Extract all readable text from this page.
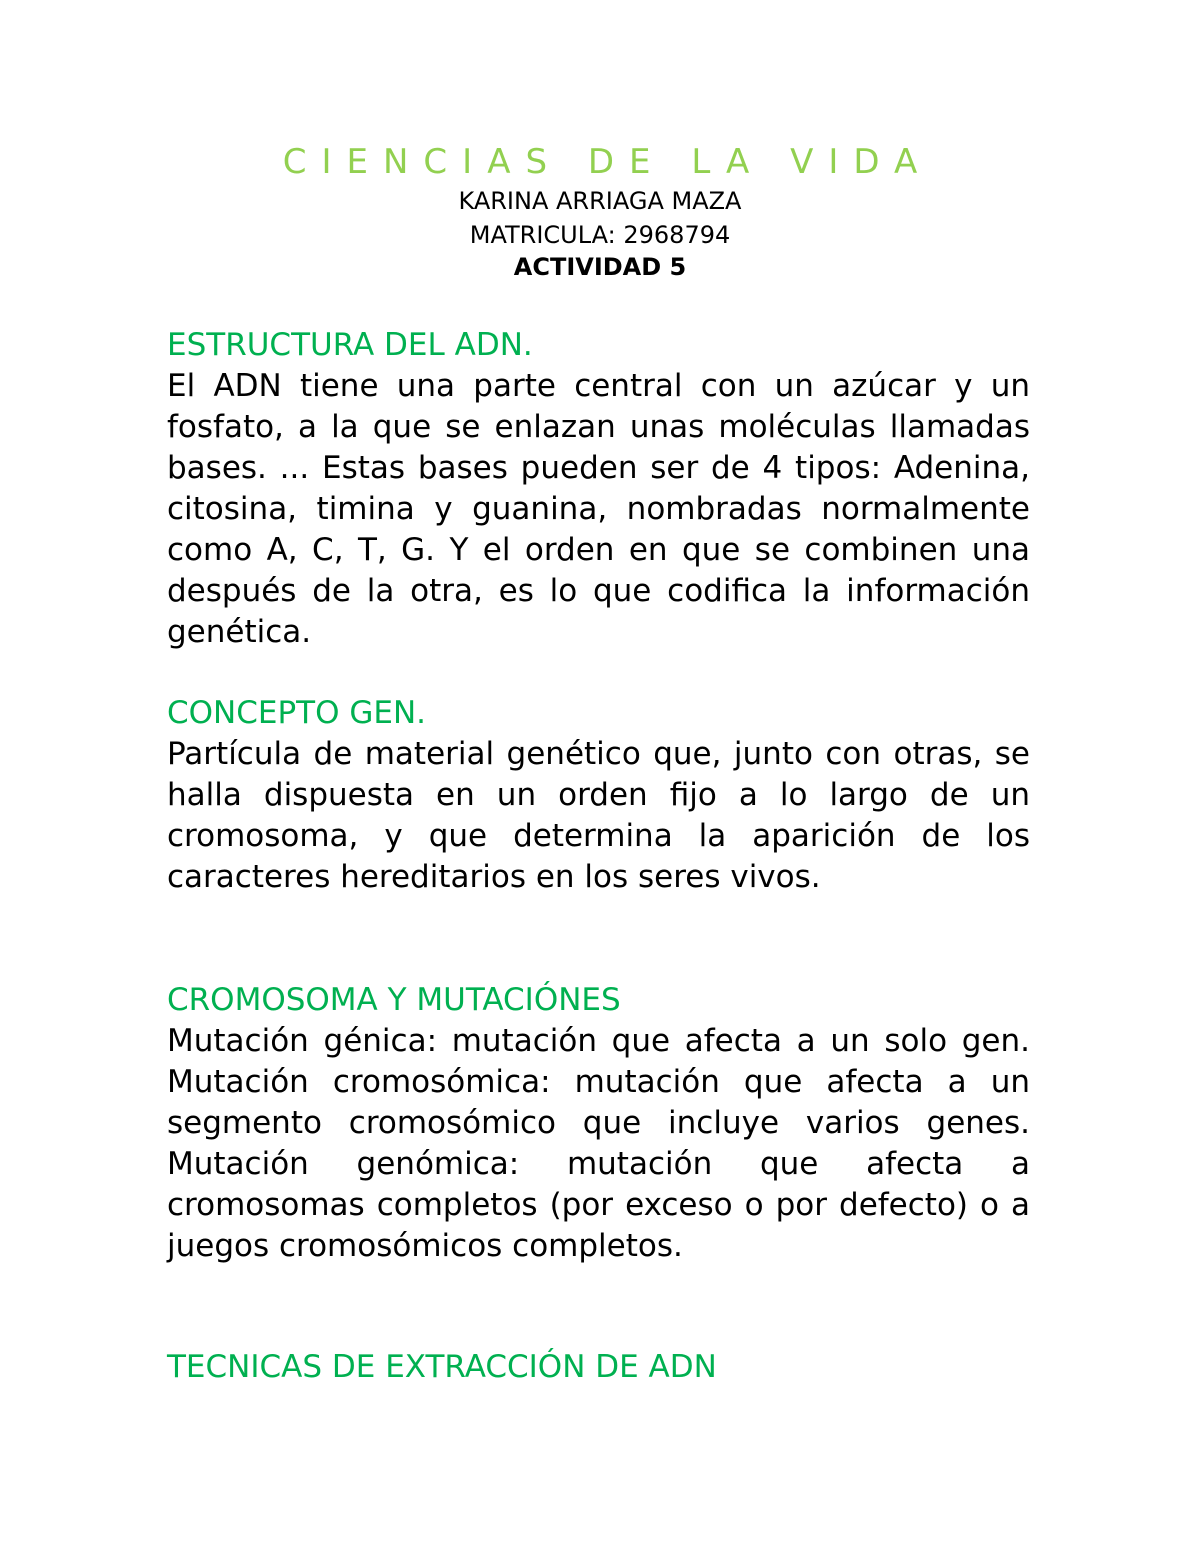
CIENCIAS DE LA VIDA
KARINA ARRIAGA MAZA
MATRICULA: 2968794
ACTIVIDAD 5
ESTRUCTURA DEL ADN.

El ADN tiene una parte central con un azúcar y un fosfato, a la que se enlazan unas moléculas llamadas bases. ... Estas bases pueden ser de 4 tipos: Adenina, citosina, timina y guanina, nombradas normalmente como A, C, T, G. Y el orden en que se combinen una después de la otra, es lo que codifica la información genética.

CONCEPTO GEN.

Partícula de material genético que, junto con otras, se halla dispuesta en un orden fijo a lo largo de un cromosoma, y que determina la aparición de los caracteres hereditarios en los seres vivos.

CROMOSOMA Y MUTACIÓNES

Mutación génica: mutación que afecta a un solo gen. Mutación cromosómica: mutación que afecta a un segmento cromosómico que incluye varios genes. Mutación genómica: mutación que afecta a cromosomas completos (por exceso o por defecto) o a juegos cromosómicos completos.

TECNICAS DE EXTRACCIÓN DE ADN
